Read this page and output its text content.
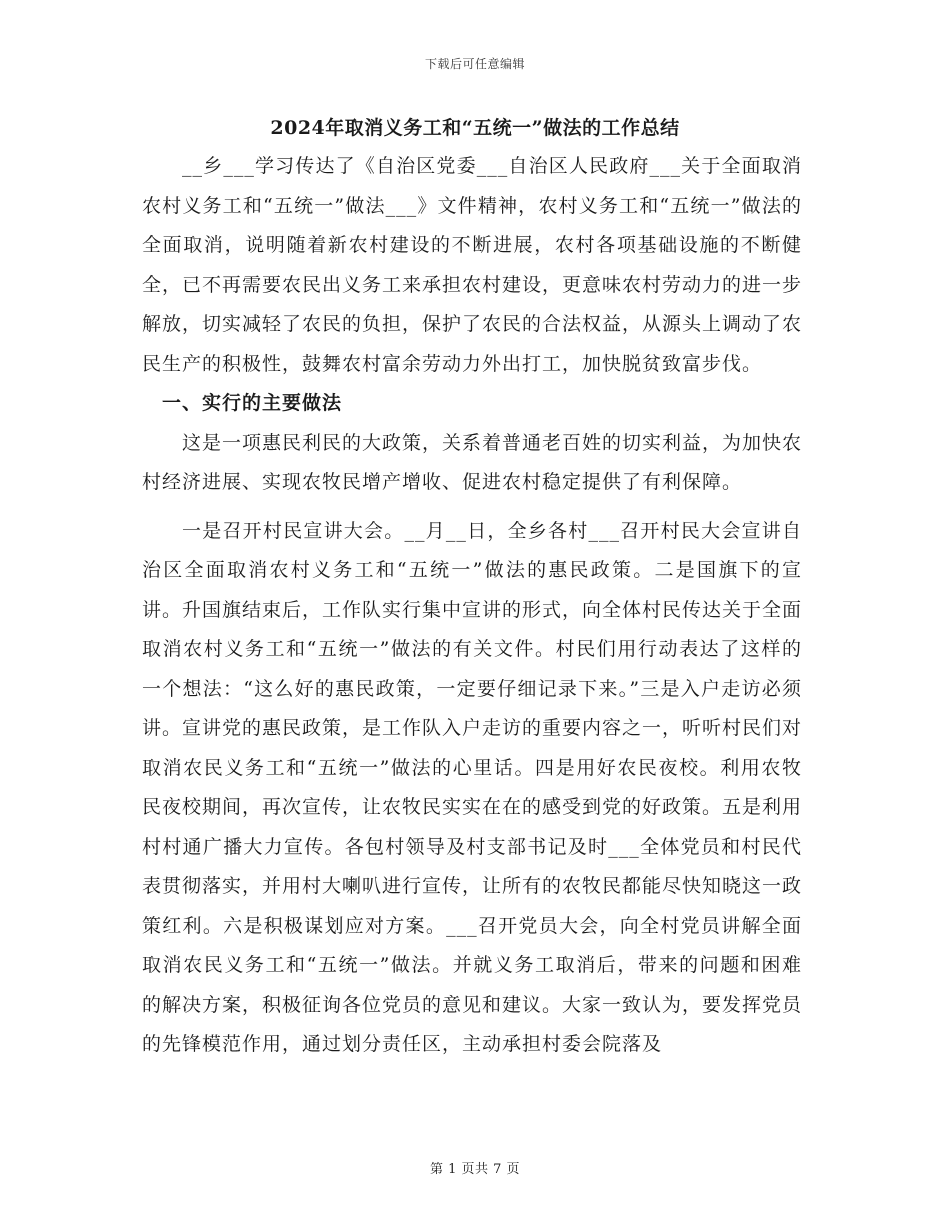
下载后可任意编辑
2024年取消义务工和“五统一”做法的工作总结

__乡___学习传达了《自治区党委___自治区人民政府___关于全面取消农村义务工和“五统一”做法___》文件精神，农村义务工和“五统一”做法的全面取消，说明随着新农村建设的不断进展，农村各项基础设施的不断健全，已不再需要农民出义务工来承担农村建设，更意味农村劳动力的进一步解放，切实减轻了农民的负担，保护了农民的合法权益，从源头上调动了农民生产的积极性，鼓舞农村富余劳动力外出打工，加快脱贫致富步伐。

一、实行的主要做法

这是一项惠民利民的大政策，关系着普通老百姓的切实利益，为加快农村经济进展、实现农牧民增产增收、促进农村稳定提供了有利保障。

一是召开村民宣讲大会。__月__日，全乡各村___召开村民大会宣讲自治区全面取消农村义务工和“五统一”做法的惠民政策。二是国旗下的宣讲。升国旗结束后，工作队实行集中宣讲的形式，向全体村民传达关于全面取消农村义务工和“五统一”做法的有关文件。村民们用行动表达了这样的一个想法：“这么好的惠民政策，一定要仔细记录下来。”三是入户走访必须讲。宣讲党的惠民政策，是工作队入户走访的重要内容之一，听听村民们对取消农民义务工和“五统一”做法的心里话。四是用好农民夜校。利用农牧民夜校期间，再次宣传，让农牧民实实在在的感受到党的好政策。五是利用村村通广播大力宣传。各包村领导及村支部书记及时___全体党员和村民代表贯彻落实，并用村大喇叭进行宣传，让所有的农牧民都能尽快知晓这一政策红利。六是积极谋划应对方案。___召开党员大会，向全村党员讲解全面取消农民义务工和“五统一”做法。并就义务工取消后，带来的问题和困难的解决方案，积极征询各位党员的意见和建议。大家一致认为，要发挥党员的先锋模范作用，通过划分责任区，主动承担村委会院落及

第 1 页共 7 页
